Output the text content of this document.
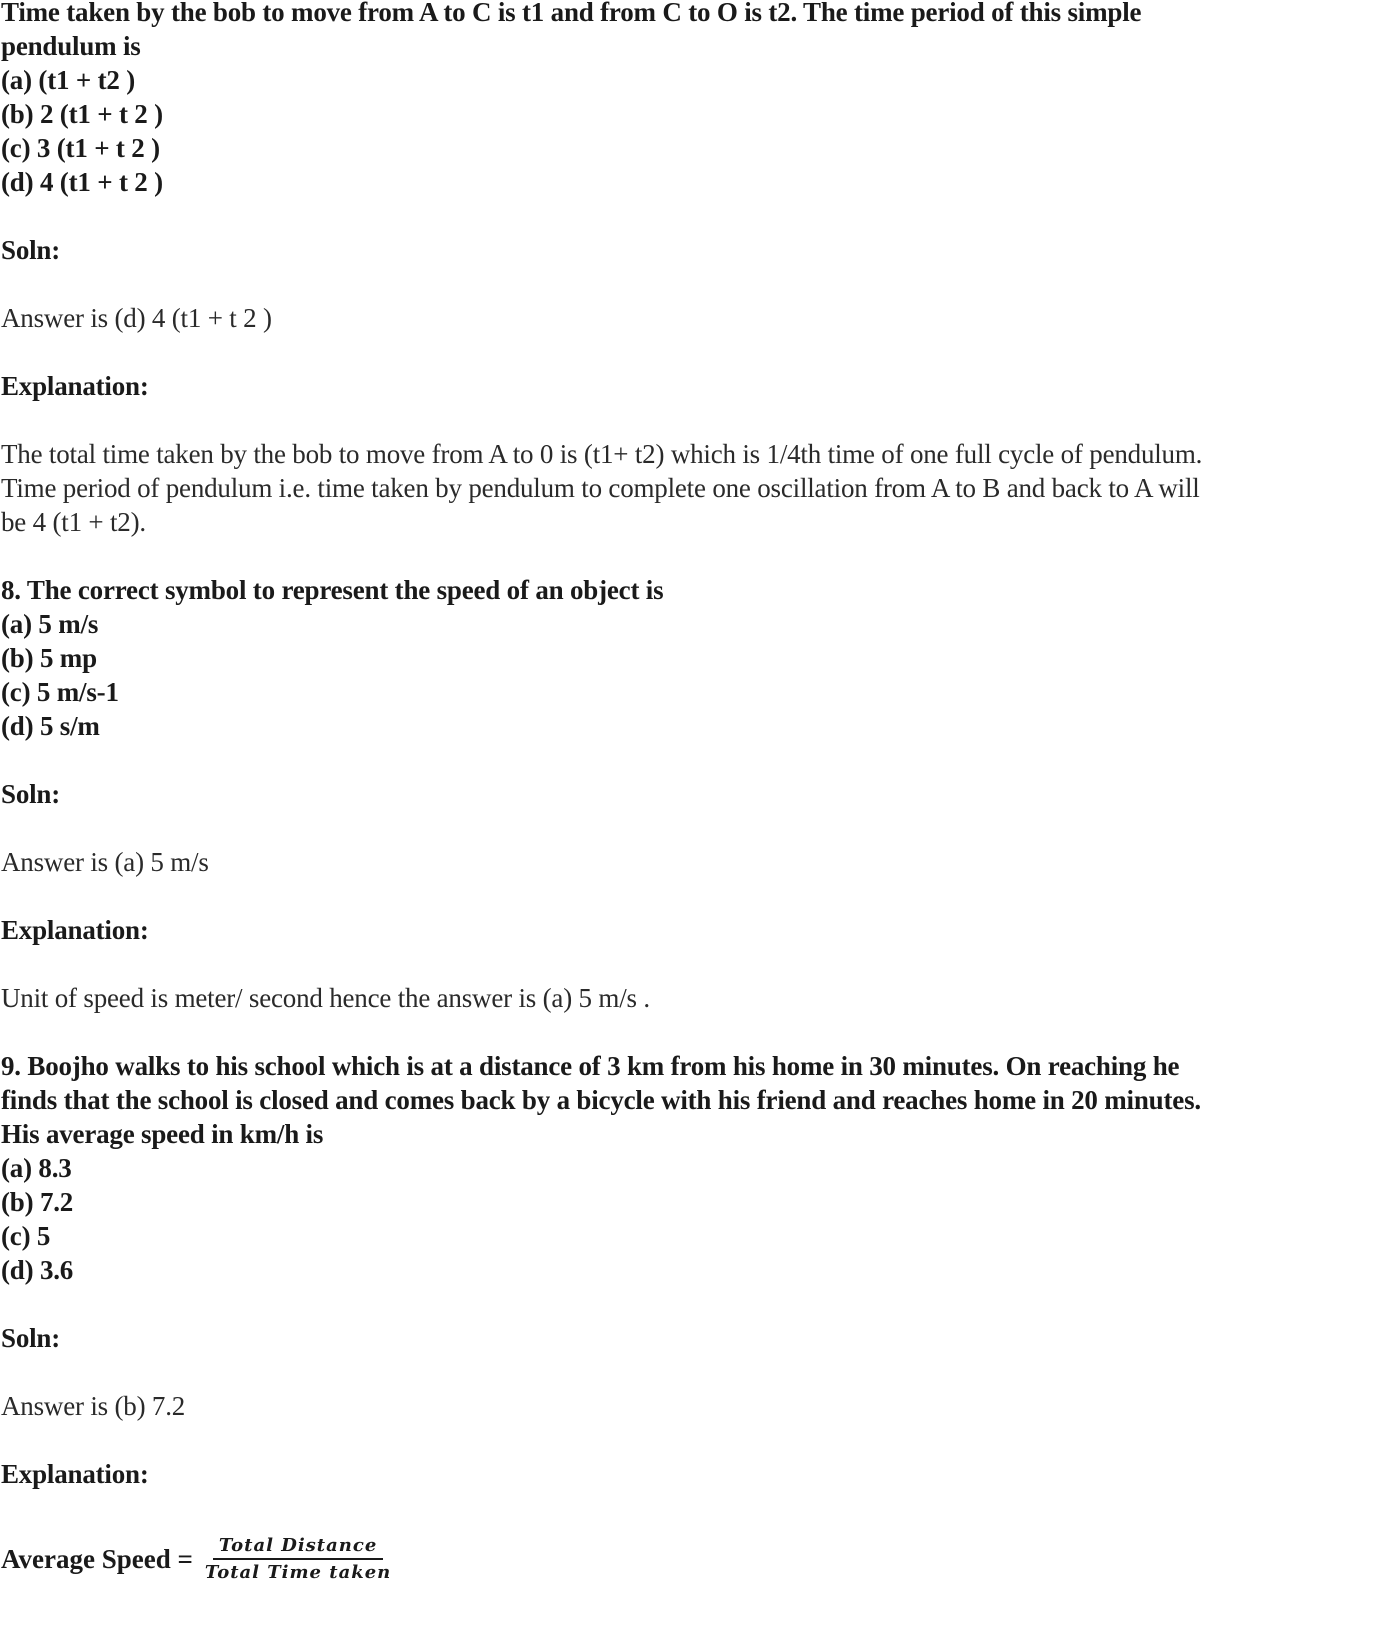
Time taken by the bob to move from A to C is t1 and from C to O is t2. The time period of this simple
pendulum is
(a) (t1 + t2 )
(b) 2 (t1 + t 2 )
(c) 3 (t1 + t 2 )
(d) 4 (t1 + t 2 )
Soln:
Answer is (d) 4 (t1 + t 2 )
Explanation:
The total time taken by the bob to move from A to 0 is (t1+ t2) which is 1/4th time of one full cycle of pendulum.
Time period of pendulum i.e. time taken by pendulum to complete one oscillation from A to B and back to A will
be 4 (t1 + t2).
8. The correct symbol to represent the speed of an object is
(a) 5 m/s
(b) 5 mp
(c) 5 m/s-1
(d) 5 s/m
Soln:
Answer is (a) 5 m/s
Explanation:
Unit of speed is meter/ second hence the answer is (a) 5 m/s .
9. Boojho walks to his school which is at a distance of 3 km from his home in 30 minutes. On reaching he
finds that the school is closed and comes back by a bicycle with his friend and reaches home in 20 minutes.
His average speed in km/h is
(a) 8.3
(b) 7.2
(c) 5
(d) 3.6
Soln:
Answer is (b) 7.2
Explanation:
Average Speed = $\frac{\text{Total Distance}}{\text{Total Time taken}}$
